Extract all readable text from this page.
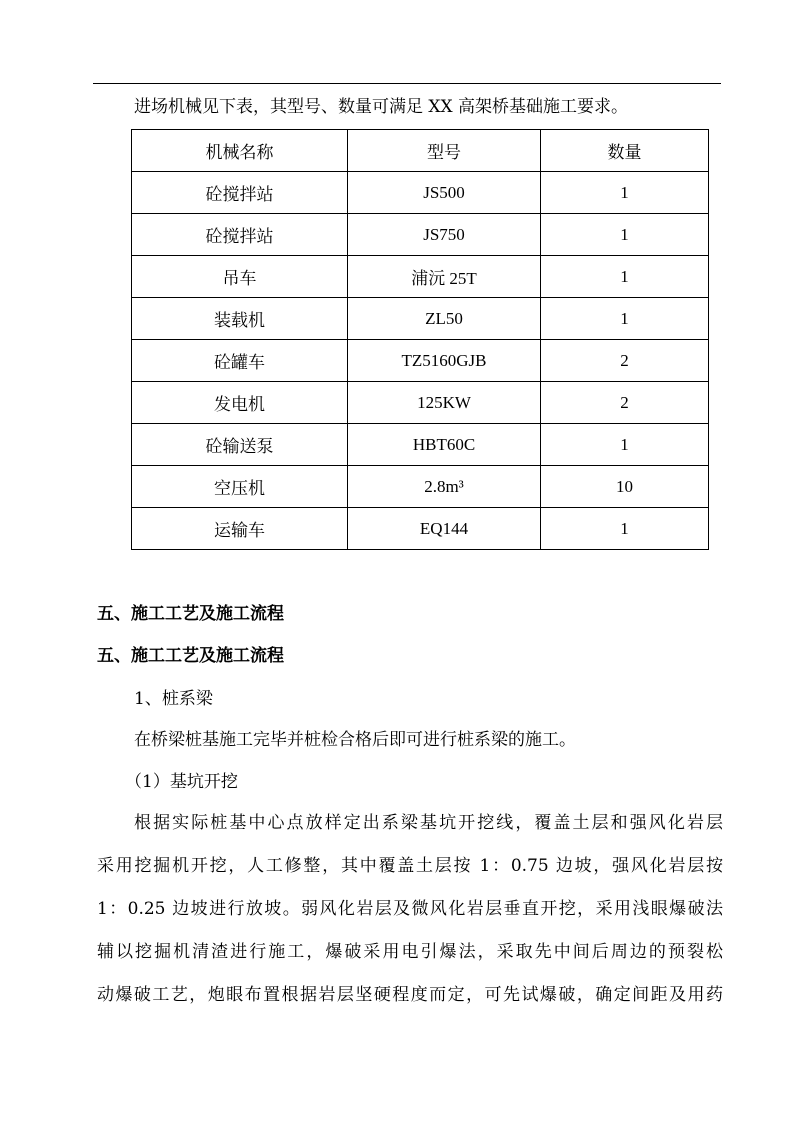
进场机械见下表，其型号、数量可满足 XX 高架桥基础施工要求。
机械名称	型号	数量
砼搅拌站	JS500	1
砼搅拌站	JS750	1
吊车	浦沅 25T	1
装载机	ZL50	1
砼罐车	TZ5160GJB	2
发电机	125KW	2
砼输送泵	HBT60C	1
空压机	2.8m³	10
运输车	EQ144	1
五、施工工艺及施工流程
五、施工工艺及施工流程
1、桩系梁
在桥梁桩基施工完毕并桩检合格后即可进行桩系梁的施工。
（1）基坑开挖
根据实际桩基中心点放样定出系梁基坑开挖线，覆盖土层和强风化岩层
采用挖掘机开挖，人工修整，其中覆盖土层按 1：0.75 边坡，强风化岩层按
1：0.25 边坡进行放坡。弱风化岩层及微风化岩层垂直开挖，采用浅眼爆破法
辅以挖掘机清渣进行施工，爆破采用电引爆法，采取先中间后周边的预裂松
动爆破工艺，炮眼布置根据岩层坚硬程度而定，可先试爆破，确定间距及用药
